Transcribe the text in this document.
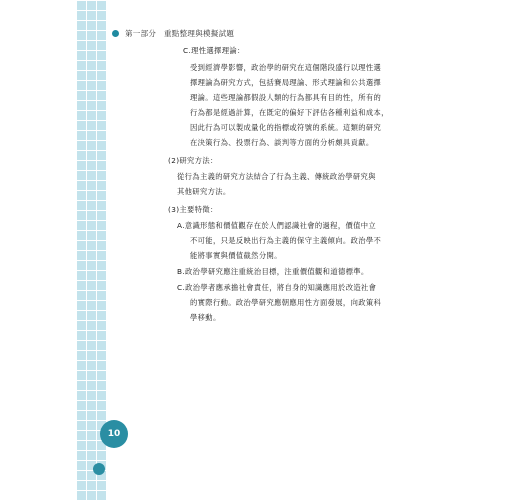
第一部分　重點整理與模擬試題
C.理性選擇理論：
受到經濟學影響，政治學的研究在這個階段盛行以理性選
擇理論為研究方式，包括賽局理論、形式理論和公共選擇
理論。這些理論都假設人類的行為都具有目的性，所有的
行為都是經過計算，在既定的偏好下評估各種利益和成本，
因此行為可以製成量化的指標或符號的系統。這類的研究
在決策行為、投票行為、談判等方面的分析頗具貢獻。
(2)研究方法：
從行為主義的研究方法結合了行為主義、傳統政治學研究與
其他研究方法。
(3)主要特徵：
A.意識形態和價值觀存在於人們認識社會的過程，價值中立
不可能，只是反映出行為主義的保守主義傾向。政治學不
能將事實與價值截然分開。
B.政治學研究應注重統治目標，注重價值觀和道德標準。
C.政治學者應承擔社會責任，將自身的知識應用於改造社會
的實際行動。政治學研究應朝應用性方面發展，向政策科
學移動。
10
